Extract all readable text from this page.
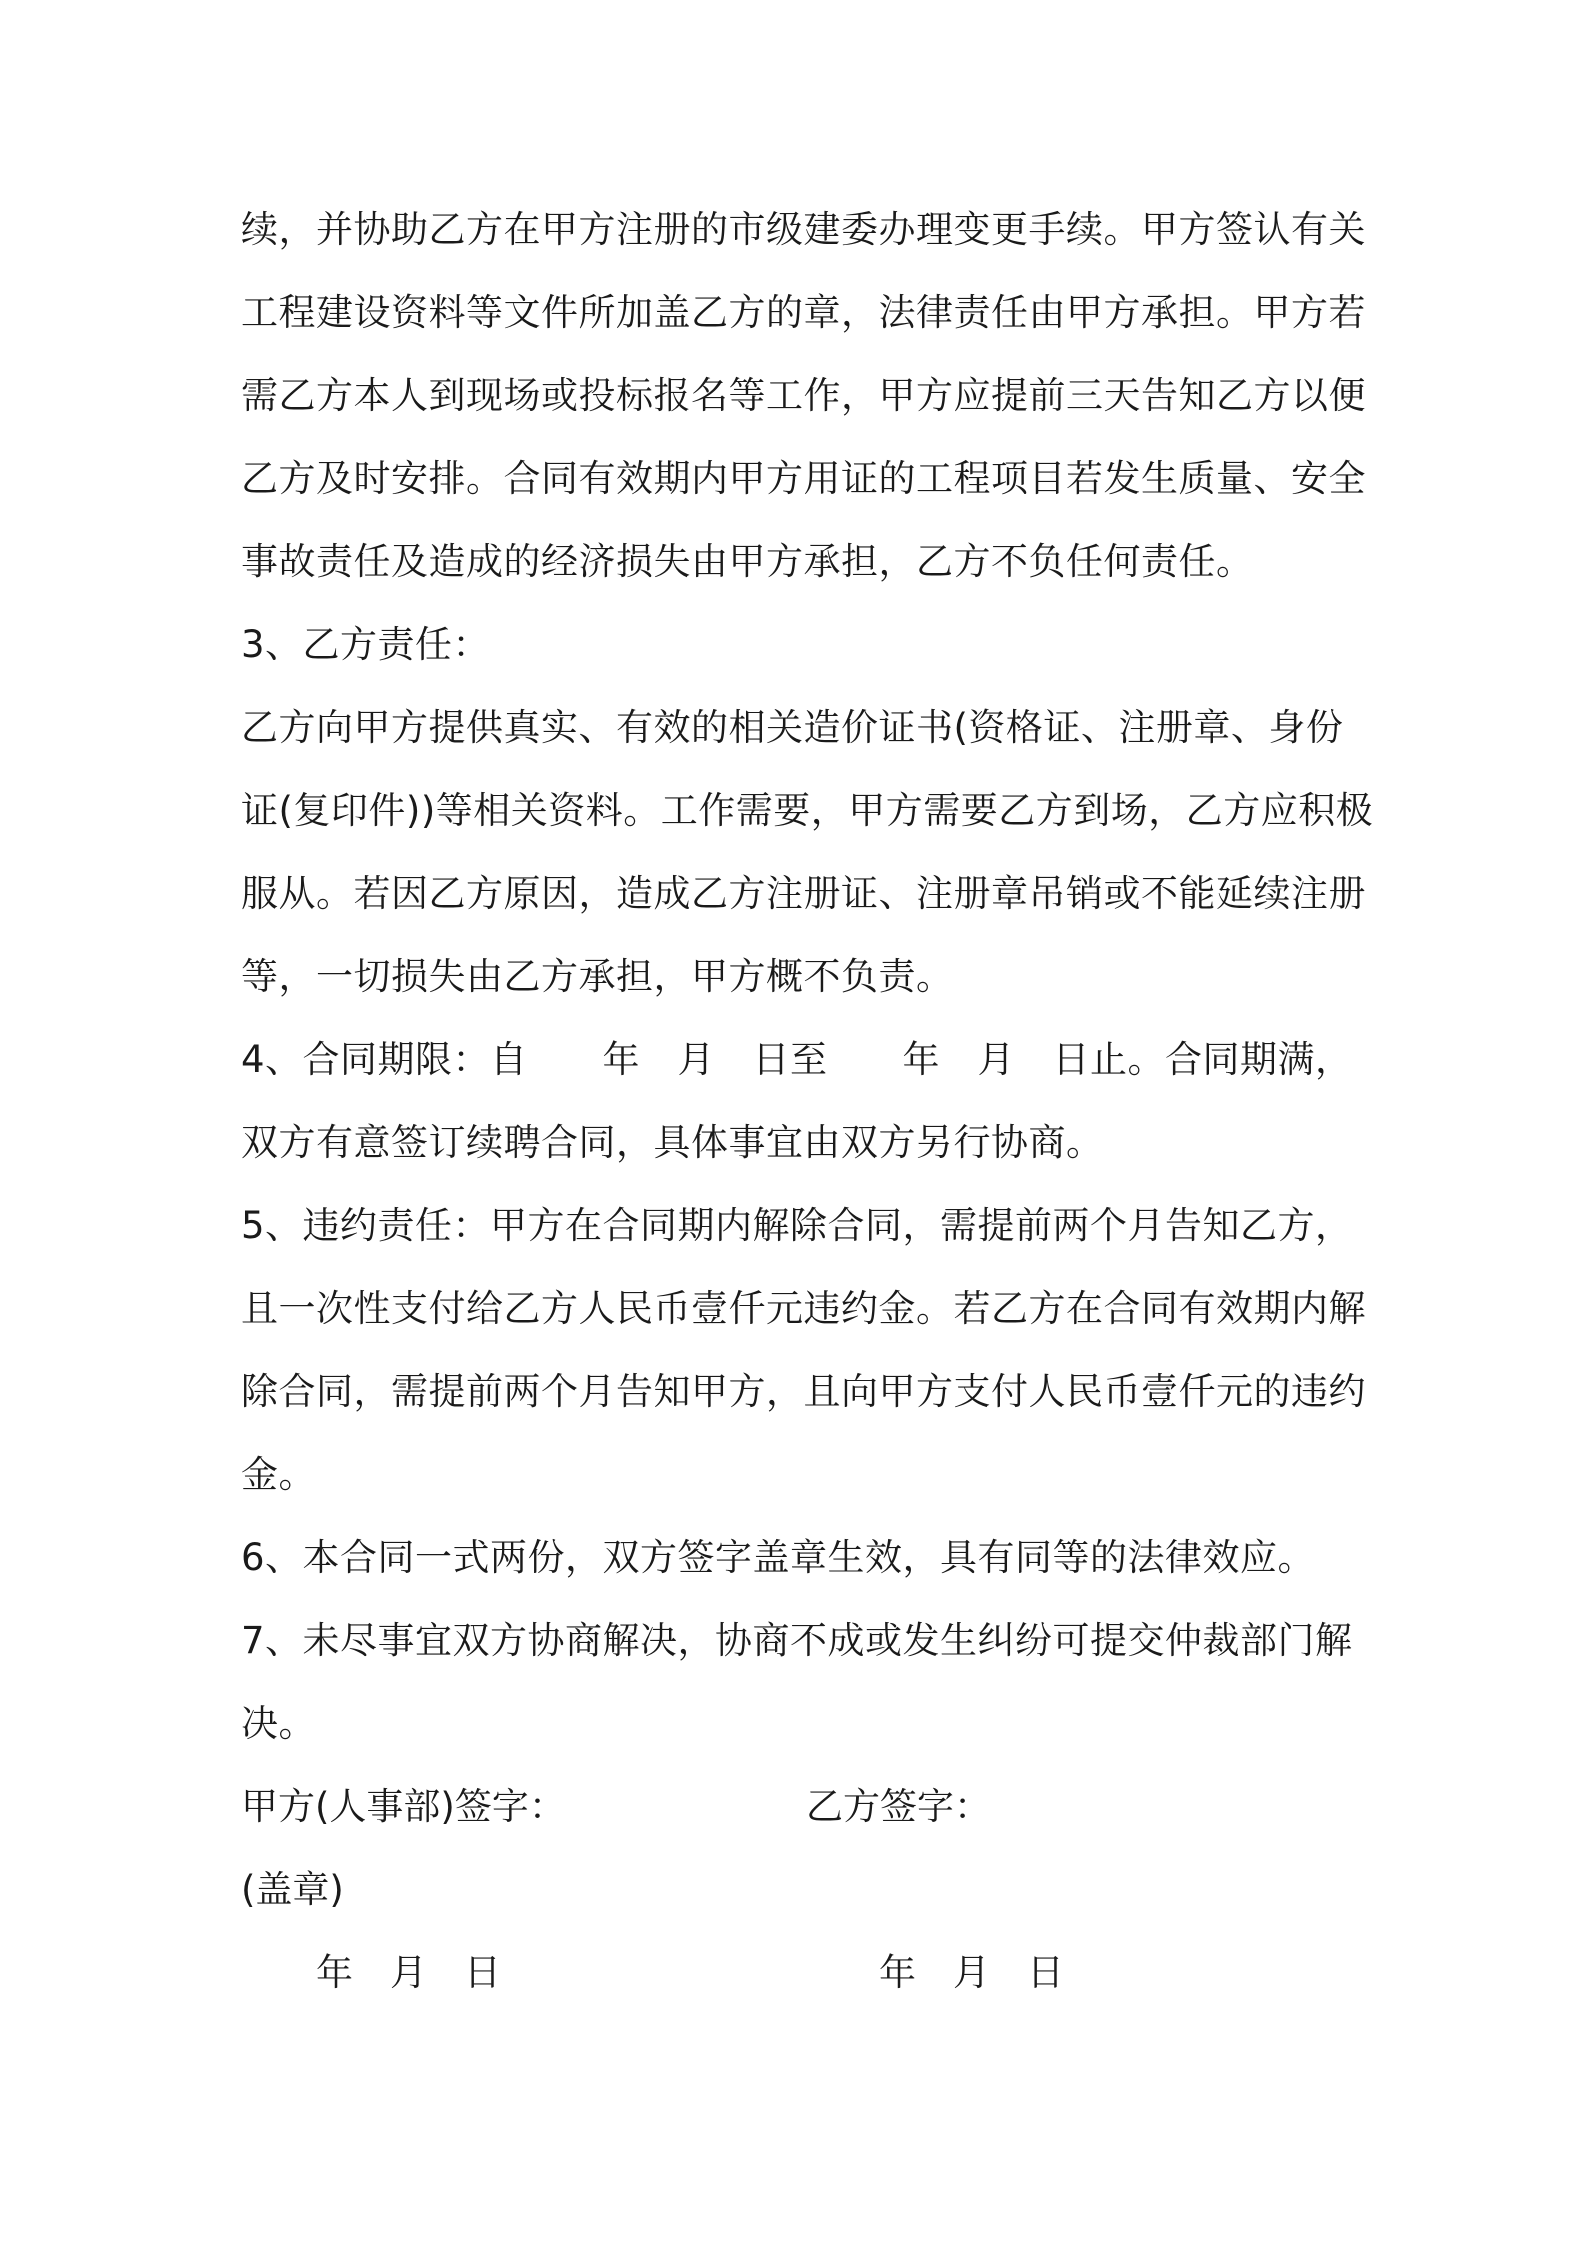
续，并协助乙方在甲方注册的市级建委办理变更手续。甲方签认有关
工程建设资料等文件所加盖乙方的章，法律责任由甲方承担。甲方若
需乙方本人到现场或投标报名等工作，甲方应提前三天告知乙方以便
乙方及时安排。合同有效期内甲方用证的工程项目若发生质量、安全
事故责任及造成的经济损失由甲方承担，乙方不负任何责任。
3、乙方责任：
乙方向甲方提供真实、有效的相关造价证书(资格证、注册章、身份
证(复印件))等相关资料。工作需要，甲方需要乙方到场，乙方应积极
服从。若因乙方原因，造成乙方注册证、注册章吊销或不能延续注册
等，一切损失由乙方承担，甲方概不负责。
4、合同期限：自　　年　月　日至　　年　月　日止。合同期满，
双方有意签订续聘合同，具体事宜由双方另行协商。
5、违约责任：甲方在合同期内解除合同，需提前两个月告知乙方，
且一次性支付给乙方人民币壹仟元违约金。若乙方在合同有效期内解
除合同，需提前两个月告知甲方，且向甲方支付人民币壹仟元的违约
金。
6、本合同一式两份，双方签字盖章生效，具有同等的法律效应。
7、未尽事宜双方协商解决，协商不成或发生纠纷可提交仲裁部门解
决。
甲方(人事部)签字：	乙方签字：
(盖章)
年　月　日	年　月　日
